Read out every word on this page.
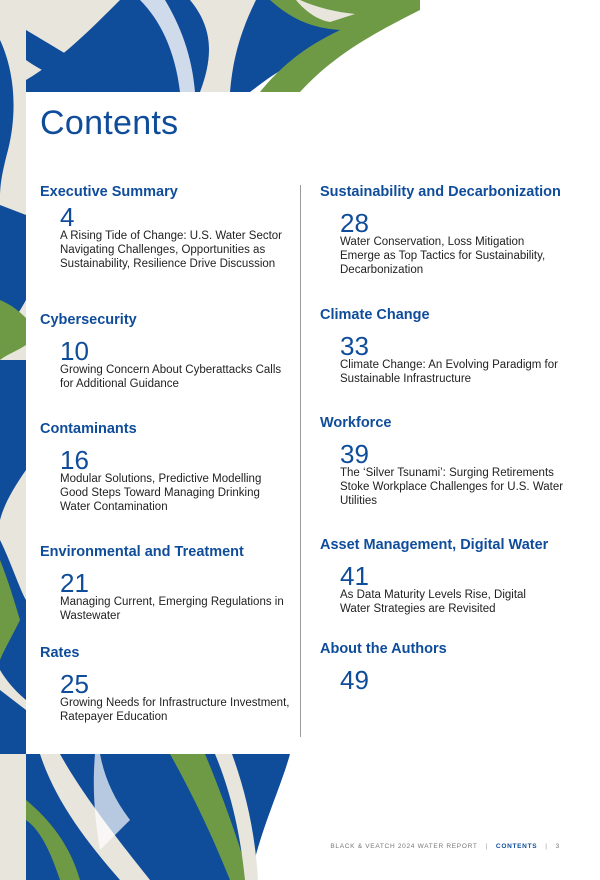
Contents
Executive Summary
4
A Rising Tide of Change: U.S. Water Sector Navigating Challenges, Opportunities as Sustainability, Resilience Drive Discussion
Cybersecurity
10
Growing Concern About Cyberattacks Calls for Additional Guidance
Contaminants
16
Modular Solutions, Predictive Modelling Good Steps Toward Managing Drinking Water Contamination
Environmental and Treatment
21
Managing Current, Emerging Regulations in Wastewater
Rates
25
Growing Needs for Infrastructure Investment, Ratepayer Education
Sustainability and Decarbonization
28
Water Conservation, Loss Mitigation Emerge as Top Tactics for Sustainability, Decarbonization
Climate Change
33
Climate Change: An Evolving Paradigm for Sustainable Infrastructure
Workforce
39
The ‘Silver Tsunami’: Surging Retirements Stoke Workplace Challenges for U.S. Water Utilities
Asset Management, Digital Water
41
As Data Maturity Levels Rise, Digital Water Strategies are Revisited
About the Authors
49
BLACK & VEATCH 2024 WATER REPORT | CONTENTS | 3
